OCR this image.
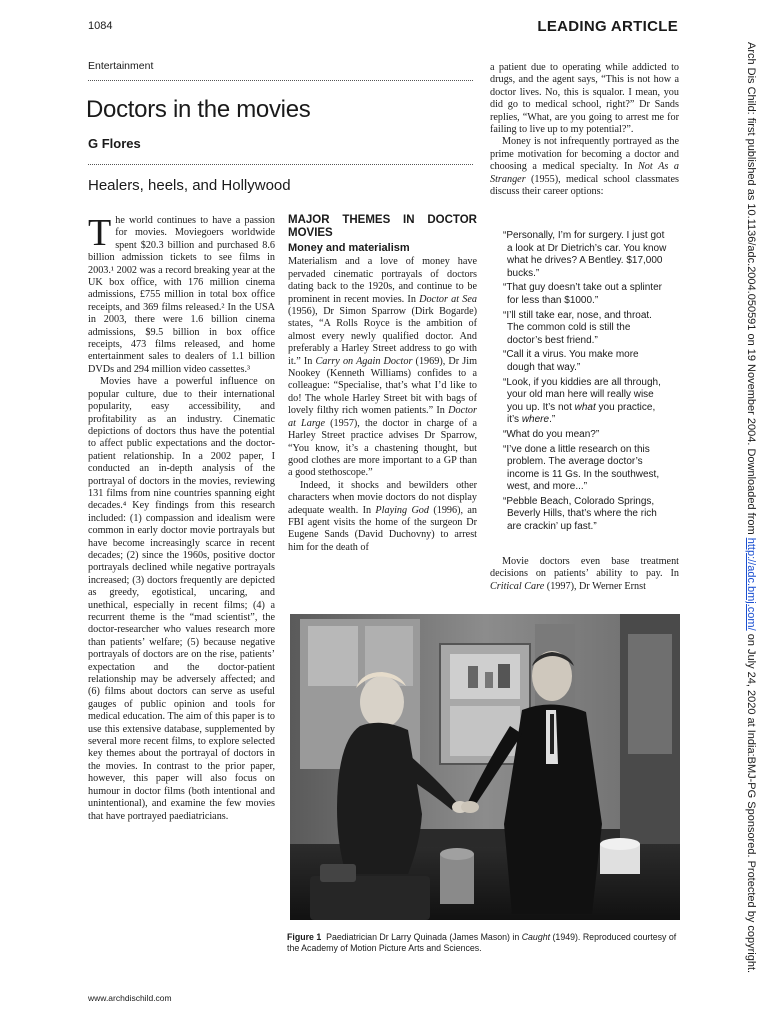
1084	LEADING ARTICLE
Entertainment
Doctors in the movies
G Flores
Healers, heels, and Hollywood
T he world continues to have a passion for movies. Moviegoers worldwide spent $20.3 billion and purchased 8.6 billion admission tickets to see films in 2003.¹ 2002 was a record breaking year at the UK box office, with 176 million cinema admissions, £755 million in total box office receipts, and 369 films released.² In the USA in 2003, there were 1.6 billion cinema admissions, $9.5 billion in box office receipts, 473 films released, and home entertainment sales to dealers of 1.1 billion DVDs and 294 million video cassettes.³

Movies have a powerful influence on popular culture, due to their international popularity, easy accessibility, and profitability as an industry. Cinematic depictions of doctors thus have the potential to affect public expectations and the doctor-patient relationship. In a 2002 paper, I conducted an in-depth analysis of the portrayal of doctors in the movies, reviewing 131 films from nine countries spanning eight decades.⁴ Key findings from this research included: (1) compassion and idealism were common in early doctor movie portrayals but have become increasingly scarce in recent decades; (2) since the 1960s, positive doctor portrayals declined while negative portrayals increased; (3) doctors frequently are depicted as greedy, egotistical, uncaring, and unethical, especially in recent films; (4) a recurrent theme is the “mad scientist”, the doctor-researcher who values research more than patients’ welfare; (5) because negative portrayals of doctors are on the rise, patients’ expectation and the doctor-patient relationship may be adversely affected; and (6) films about doctors can serve as useful gauges of public opinion and tools for medical education. The aim of this paper is to use this extensive database, supplemented by several more recent films, to explore selected key themes about the portrayal of doctors in the movies. In contrast to the prior paper, however, this paper will also focus on humour in doctor films (both intentional and unintentional), and examine the few movies that have portrayed paediatricians.

MAJOR THEMES IN DOCTOR MOVIES
Money and materialism

Materialism and a love of money have pervaded cinematic portrayals of doctors dating back to the 1920s, and continue to be prominent in recent movies. In Doctor at Sea (1956), Dr Simon Sparrow (Dirk Bogarde) states, “A Rolls Royce is the ambition of almost every newly qualified doctor. And preferably a Harley Street address to go with it.” In Carry on Again Doctor (1969), Dr Jim Nookey (Kenneth Williams) confides to a colleague: “Specialise, that’s what I’d like to do! The whole Harley Street bit with bags of lovely filthy rich women patients.” In Doctor at Large (1957), the doctor in charge of a Harley Street practice advises Dr Sparrow, “You know, it’s a chastening thought, but good clothes are more important to a GP than a good stethoscope.”

Indeed, it shocks and bewilders other characters when movie doctors do not display adequate wealth. In Playing God (1996), an FBI agent visits the home of the surgeon Dr Eugene Sands (David Duchovny) to arrest him for the death of

a patient due to operating while addicted to drugs, and the agent says, “This is not how a doctor lives. No, this is squalor. I mean, you did go to medical school, right?” Dr Sands replies, “What, are you going to arrest me for failing to live up to my potential?”.

Money is not infrequently portrayed as the prime motivation for becoming a doctor and choosing a medical specialty. In Not As a Stranger (1955), medical school classmates discuss their career options:

“Personally, I’m for surgery. I just got a look at Dr Dietrich’s car. You know what he drives? A Bentley. $17,000 bucks.”

“That guy doesn’t take out a splinter for less than $1000.”

“I’ll still take ear, nose, and throat. The common cold is still the doctor’s best friend.”

“Call it a virus. You make more dough that way.”

“Look, if you kiddies are all through, your old man here will really wise you up. It’s not what you practice, it’s where.”

“What do you mean?”

“I’ve done a little research on this problem. The average doctor’s income is 11 Gs. In the southwest, west, and more...”

“Pebble Beach, Colorado Springs, Beverly Hills, that’s where the rich are crackin’ up fast.”

Movie doctors even base treatment decisions on patients’ ability to pay. In Critical Care (1997), Dr Werner Ernst

Figure 1 Paediatrician Dr Larry Quinada (James Mason) in Caught (1949). Reproduced courtesy of the Academy of Motion Picture Arts and Sciences.
www.archdischild.com
Arch Dis Child: first published as 10.1136/adc.2004.050591 on 19 November 2004. Downloaded from http://adc.bmj.com/ on July 24, 2020 at India:BMJ-PG Sponsored. Protected by copyright.
